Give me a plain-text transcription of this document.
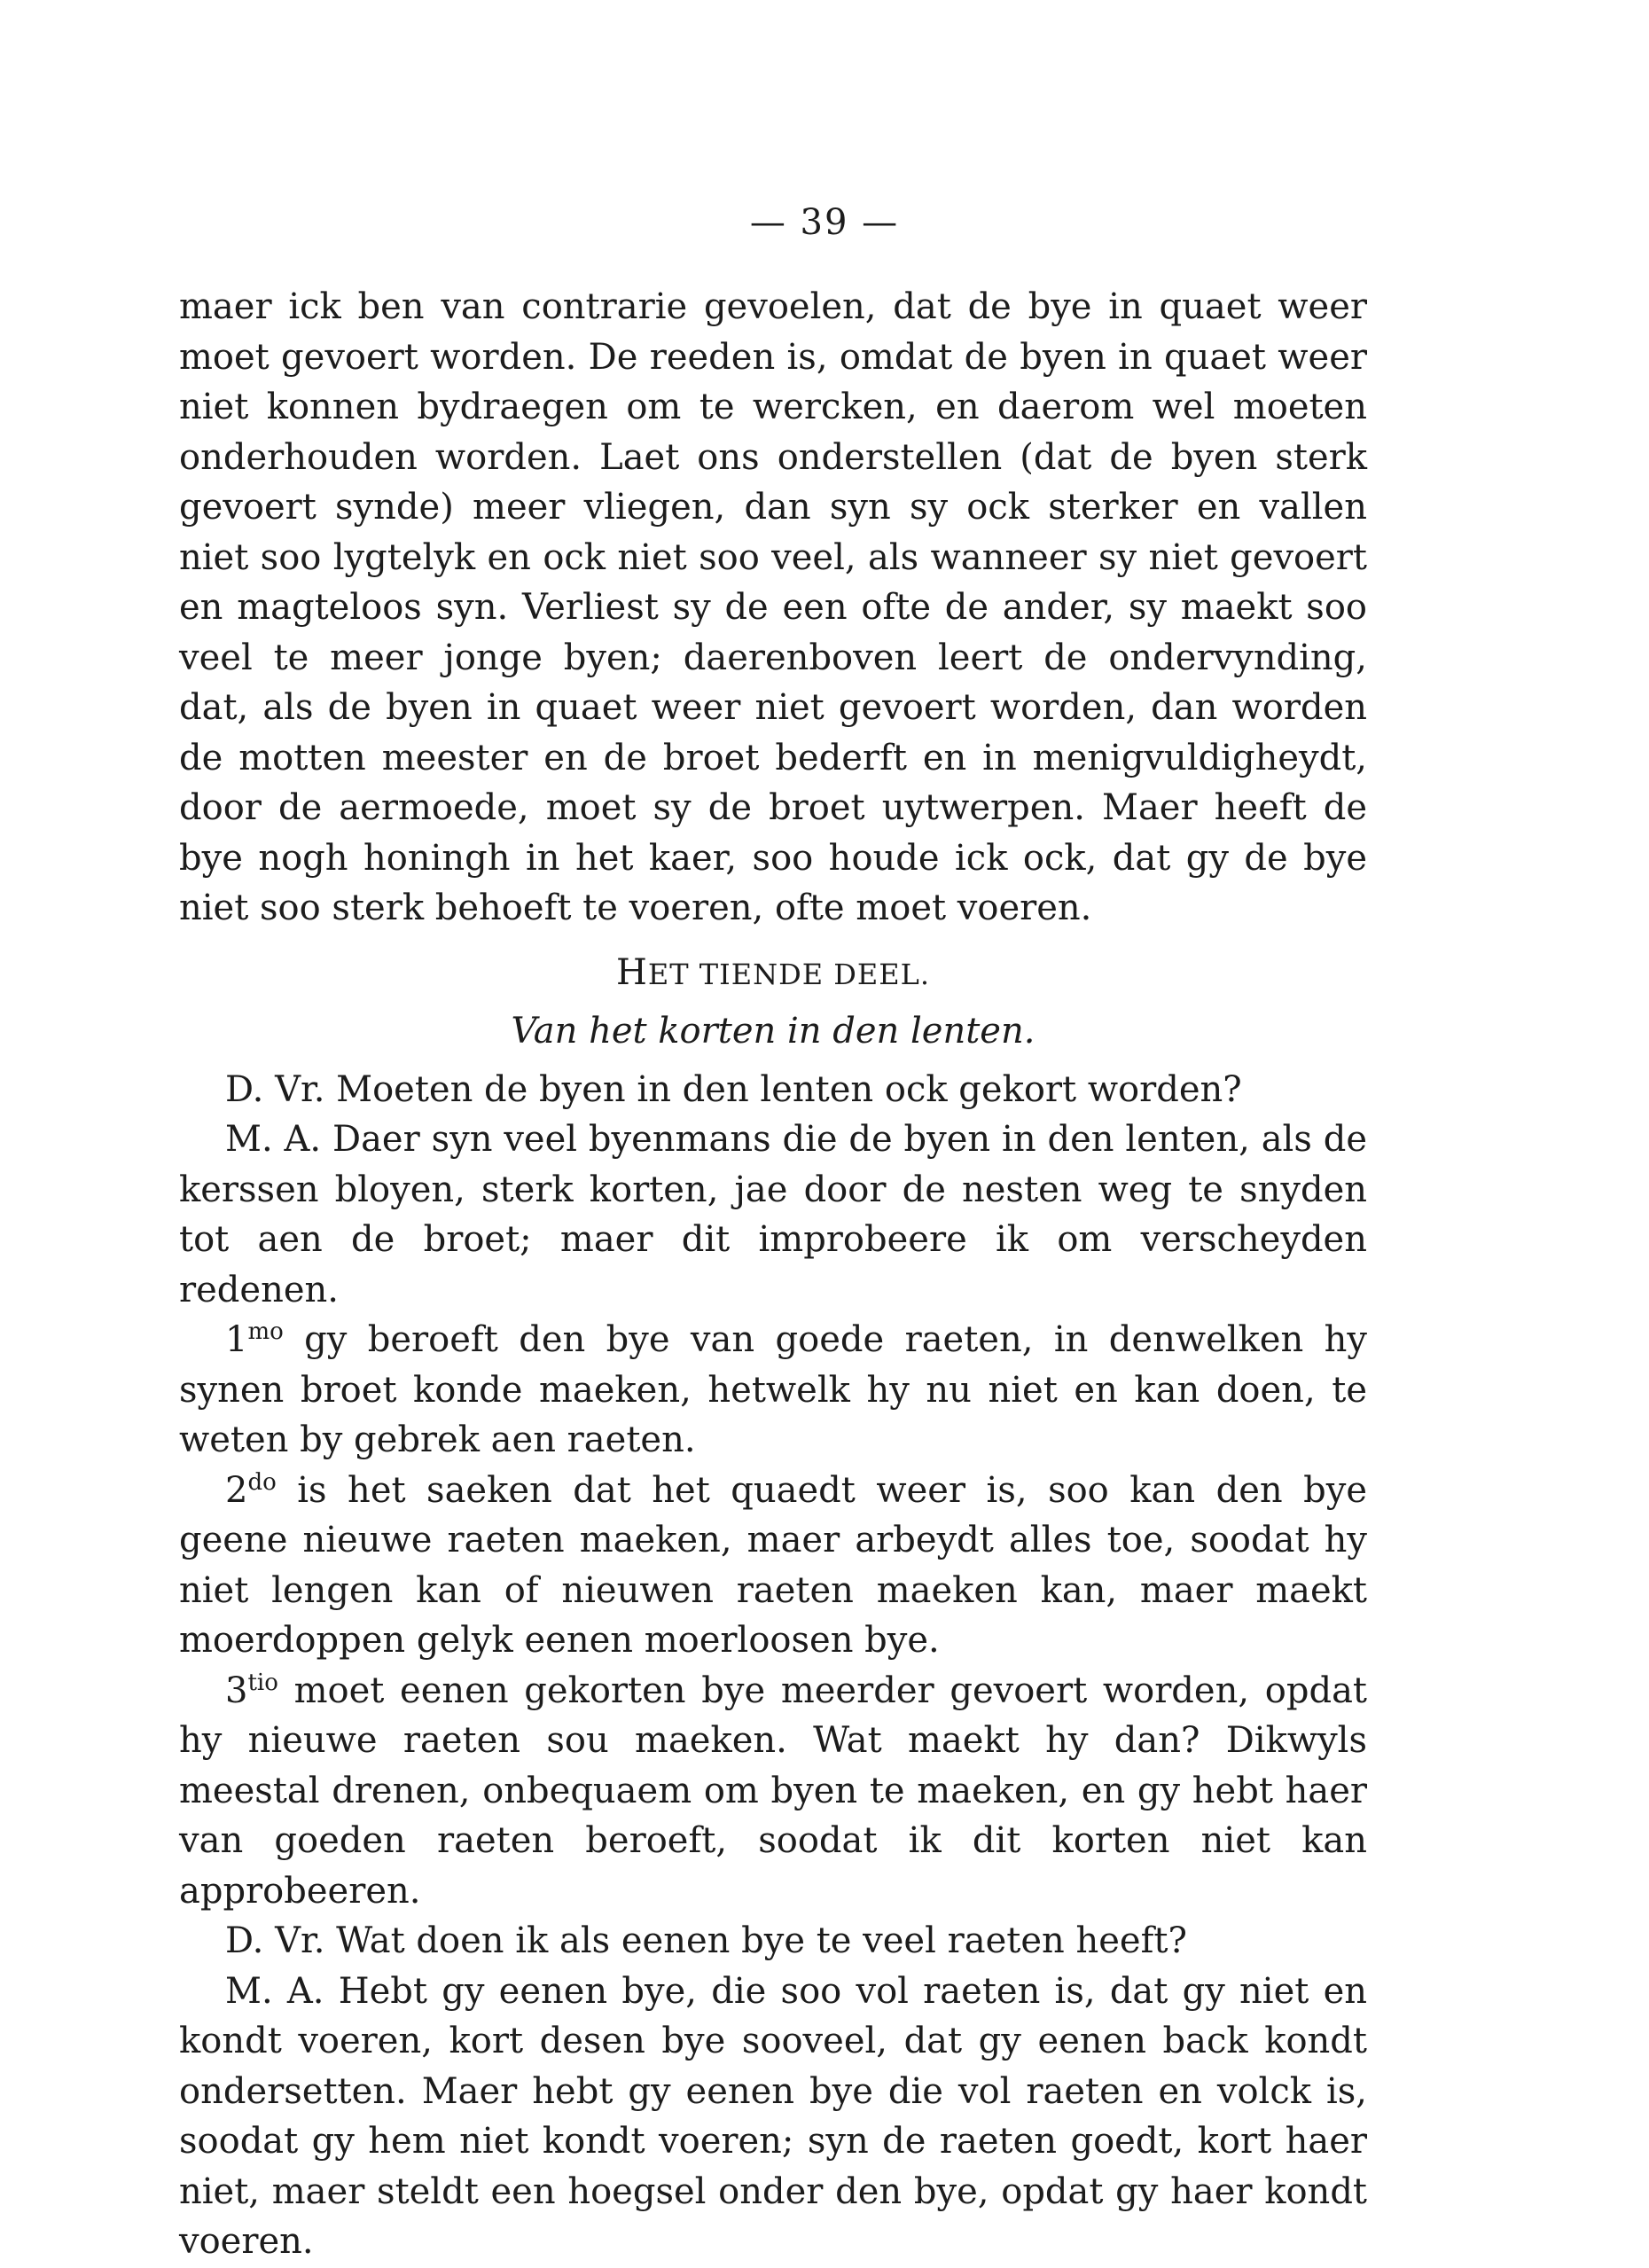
— 39 —

maer ick ben van contrarie gevoelen, dat de bye in quaet weer moet gevoert worden. De reeden is, omdat de byen in quaet weer niet konnen bydraegen om te wercken, en daerom wel moeten onderhouden worden. Laet ons onderstellen (dat de byen sterk gevoert synde) meer vliegen, dan syn sy ock sterker en vallen niet soo lygtelyk en ock niet soo veel, als wanneer sy niet gevoert en magteloos syn. Verliest sy de een ofte de ander, sy maekt soo veel te meer jonge byen; daerenboven leert de ondervynding, dat, als de byen in quaet weer niet gevoert worden, dan worden de motten meester en de broet bederft en in menigvuldigheydt, door de aermoede, moet sy de broet uytwerpen. Maer heeft de bye nogh honingh in het kaer, soo houde ick ock, dat gy de bye niet soo sterk behoeft te voeren, ofte moet voeren.

HET TIENDE DEEL.

Van het korten in den lenten.

D. Vr. Moeten de byen in den lenten ock gekort worden?

M. A. Daer syn veel byenmans die de byen in den lenten, als de kerssen bloyen, sterk korten, jae door de nesten weg te snyden tot aen de broet; maer dit improbeere ik om verscheyden redenen.

$1^{mo}$ gy beroeft den bye van goede raeten, in denwelken hy synen broet konde maeken, hetwelk hy nu niet en kan doen, te weten by gebrek aen raeten.

$2^{do}$ is het saeken dat het quaedt weer is, soo kan den bye geene nieuwe raeten maeken, maer arbeydt alles toe, soodat hy niet lengen kan of nieuwen raeten maeken kan, maer maekt moerdoppen gelyk eenen moerloosen bye.

$3^{tio}$ moet eenen gekorten bye meerder gevoert worden, opdat hy nieuwe raeten sou maeken. Wat maekt hy dan? Dikwyls meestal drenen, onbequaem om byen te maeken, en gy hebt haer van goeden raeten beroeft, soodat ik dit korten niet kan approbeeren.

D. Vr. Wat doen ik als eenen bye te veel raeten heeft?

M. A. Hebt gy eenen bye, die soo vol raeten is, dat gy niet en kondt voeren, kort desen bye sooveel, dat gy eenen back kondt ondersetten. Maer hebt gy eenen bye die vol raeten en volck is, soodat gy hem niet kondt voeren; syn de raeten goedt, kort haer niet, maer steldt een hoegsel onder den bye, opdat gy haer kondt voeren.
